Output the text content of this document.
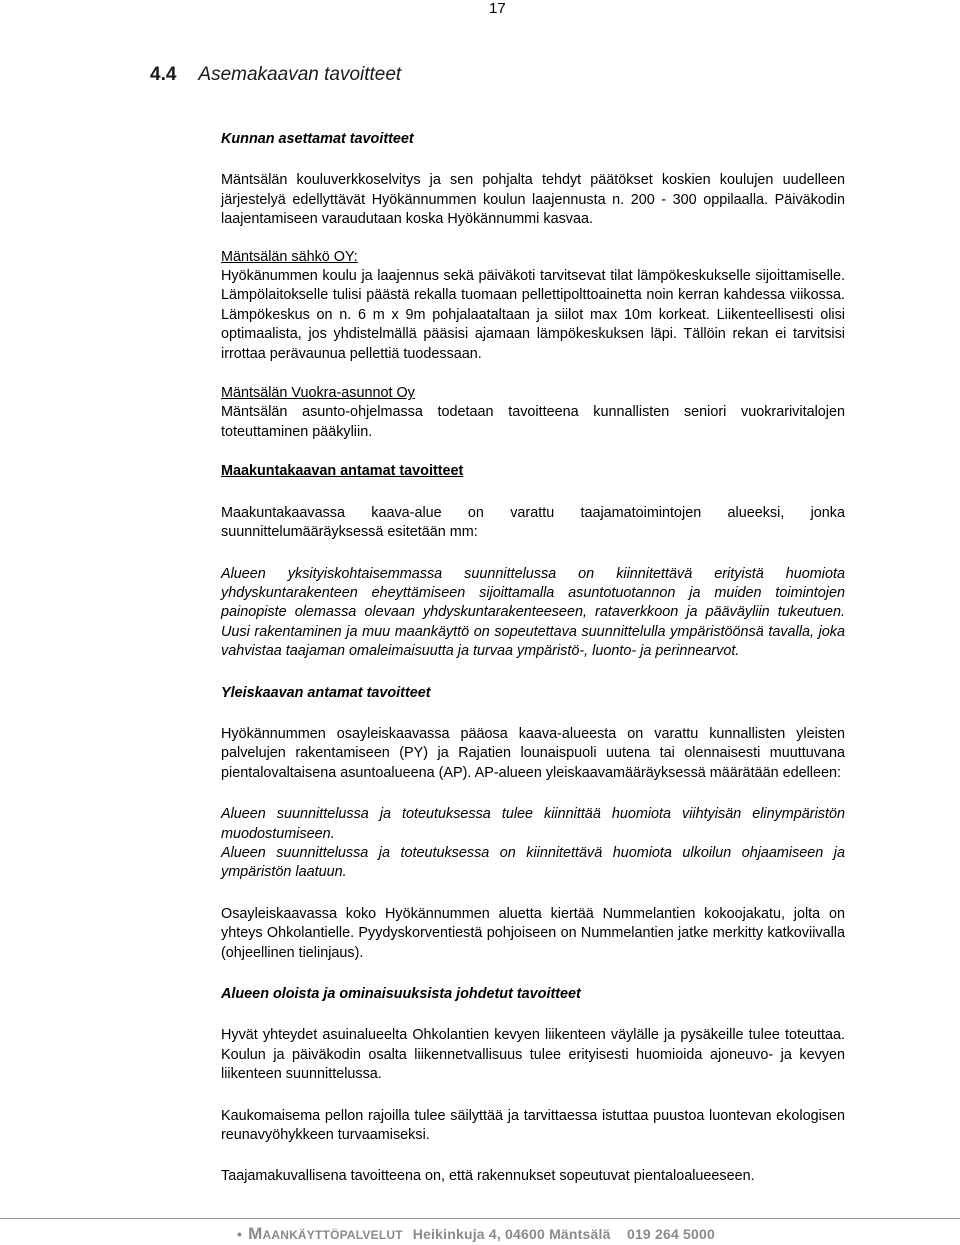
17
4.4 Asemakaavan tavoitteet

Kunnan asettamat tavoitteet

Mäntsälän kouluverkkoselvitys ja sen pohjalta tehdyt päätökset koskien koulujen uudelleen järjestelyä edellyttävät Hyökännummen koulun laajennusta n. 200 - 300 oppilaalla. Päiväkodin laajentamiseen varaudutaan koska Hyökännummi kasvaa.

Mäntsälän sähkö OY:

Hyökänummen koulu ja laajennus sekä päiväkoti tarvitsevat tilat lämpökeskukselle sijoittamiselle. Lämpölaitokselle tulisi päästä rekalla tuomaan pellettipolttoainetta noin kerran kahdessa viikossa. Lämpökeskus on n. 6 m x 9m pohjalaataltaan ja siilot max 10m korkeat. Liikenteellisesti olisi optimaalista, jos yhdistelmällä pääsisi ajamaan lämpökeskuksen läpi. Tällöin rekan ei tarvitsisi irrottaa perävaunua pellettiä tuodessaan.

Mäntsälän Vuokra-asunnot Oy

Mäntsälän asunto-ohjelmassa todetaan tavoitteena kunnallisten seniori vuokrarivitalojen toteuttaminen pääkyliin.

Maakuntakaavan antamat tavoitteet

Maakuntakaavassa kaava-alue on varattu taajamatoimintojen alueeksi, jonka suunnittelumääräyksessä esitetään mm:

Alueen yksityiskohtaisemmassa suunnittelussa on kiinnitettävä erityistä huomiota yhdyskuntarakenteen eheyttämiseen sijoittamalla asuntotuotannon ja muiden toimintojen painopiste olemassa olevaan yhdyskuntarakenteeseen, rataverkkoon ja pääväyliin tukeutuen. Uusi rakentaminen ja muu maankäyttö on sopeutettava suunnittelulla ympäristöönsä tavalla, joka vahvistaa taajaman omaleimaisuutta ja turvaa ympäristö-, luonto- ja perinnearvot.

Yleiskaavan antamat tavoitteet

Hyökännummen osayleiskaavassa pääosa kaava-alueesta on varattu kunnallisten yleisten palvelujen rakentamiseen (PY) ja Rajatien lounaispuoli uutena tai olennaisesti muuttuvana pientalovaltaisena asuntoalueena (AP). AP-alueen yleiskaavamääräyksessä määrätään edelleen:

Alueen suunnittelussa ja toteutuksessa tulee kiinnittää huomiota viihtyisän elinympäristön muodostumiseen.

Alueen suunnittelussa ja toteutuksessa on kiinnitettävä huomiota ulkoilun ohjaamiseen ja ympäristön laatuun.

Osayleiskaavassa koko Hyökännummen aluetta kiertää Nummelantien kokoojakatu, jolta on yhteys Ohkolantielle. Pyydyskorventiestä pohjoiseen on Nummelantien jatke merkitty katkoviivalla (ohjeellinen tielinjaus).

Alueen oloista ja ominaisuuksista johdetut tavoitteet

Hyvät yhteydet asuinalueelta Ohkolantien kevyen liikenteen väylälle ja pysäkeille tulee toteuttaa. Koulun ja päiväkodin osalta liikennetvallisuus tulee erityisesti huomioida ajoneuvo- ja kevyen liikenteen suunnittelussa.

Kaukomaisema pellon rajoilla tulee säilyttää ja tarvittaessa istuttaa puustoa luontevan ekologisen reunavyöhykkeen turvaamiseksi.

Taajamakuvallisena tavoitteena on, että rakennukset sopeutuvat pientaloalueeseen.

• Maankäyttöpalvelut Heikinkuja 4, 04600 Mäntsälä 019 264 5000
